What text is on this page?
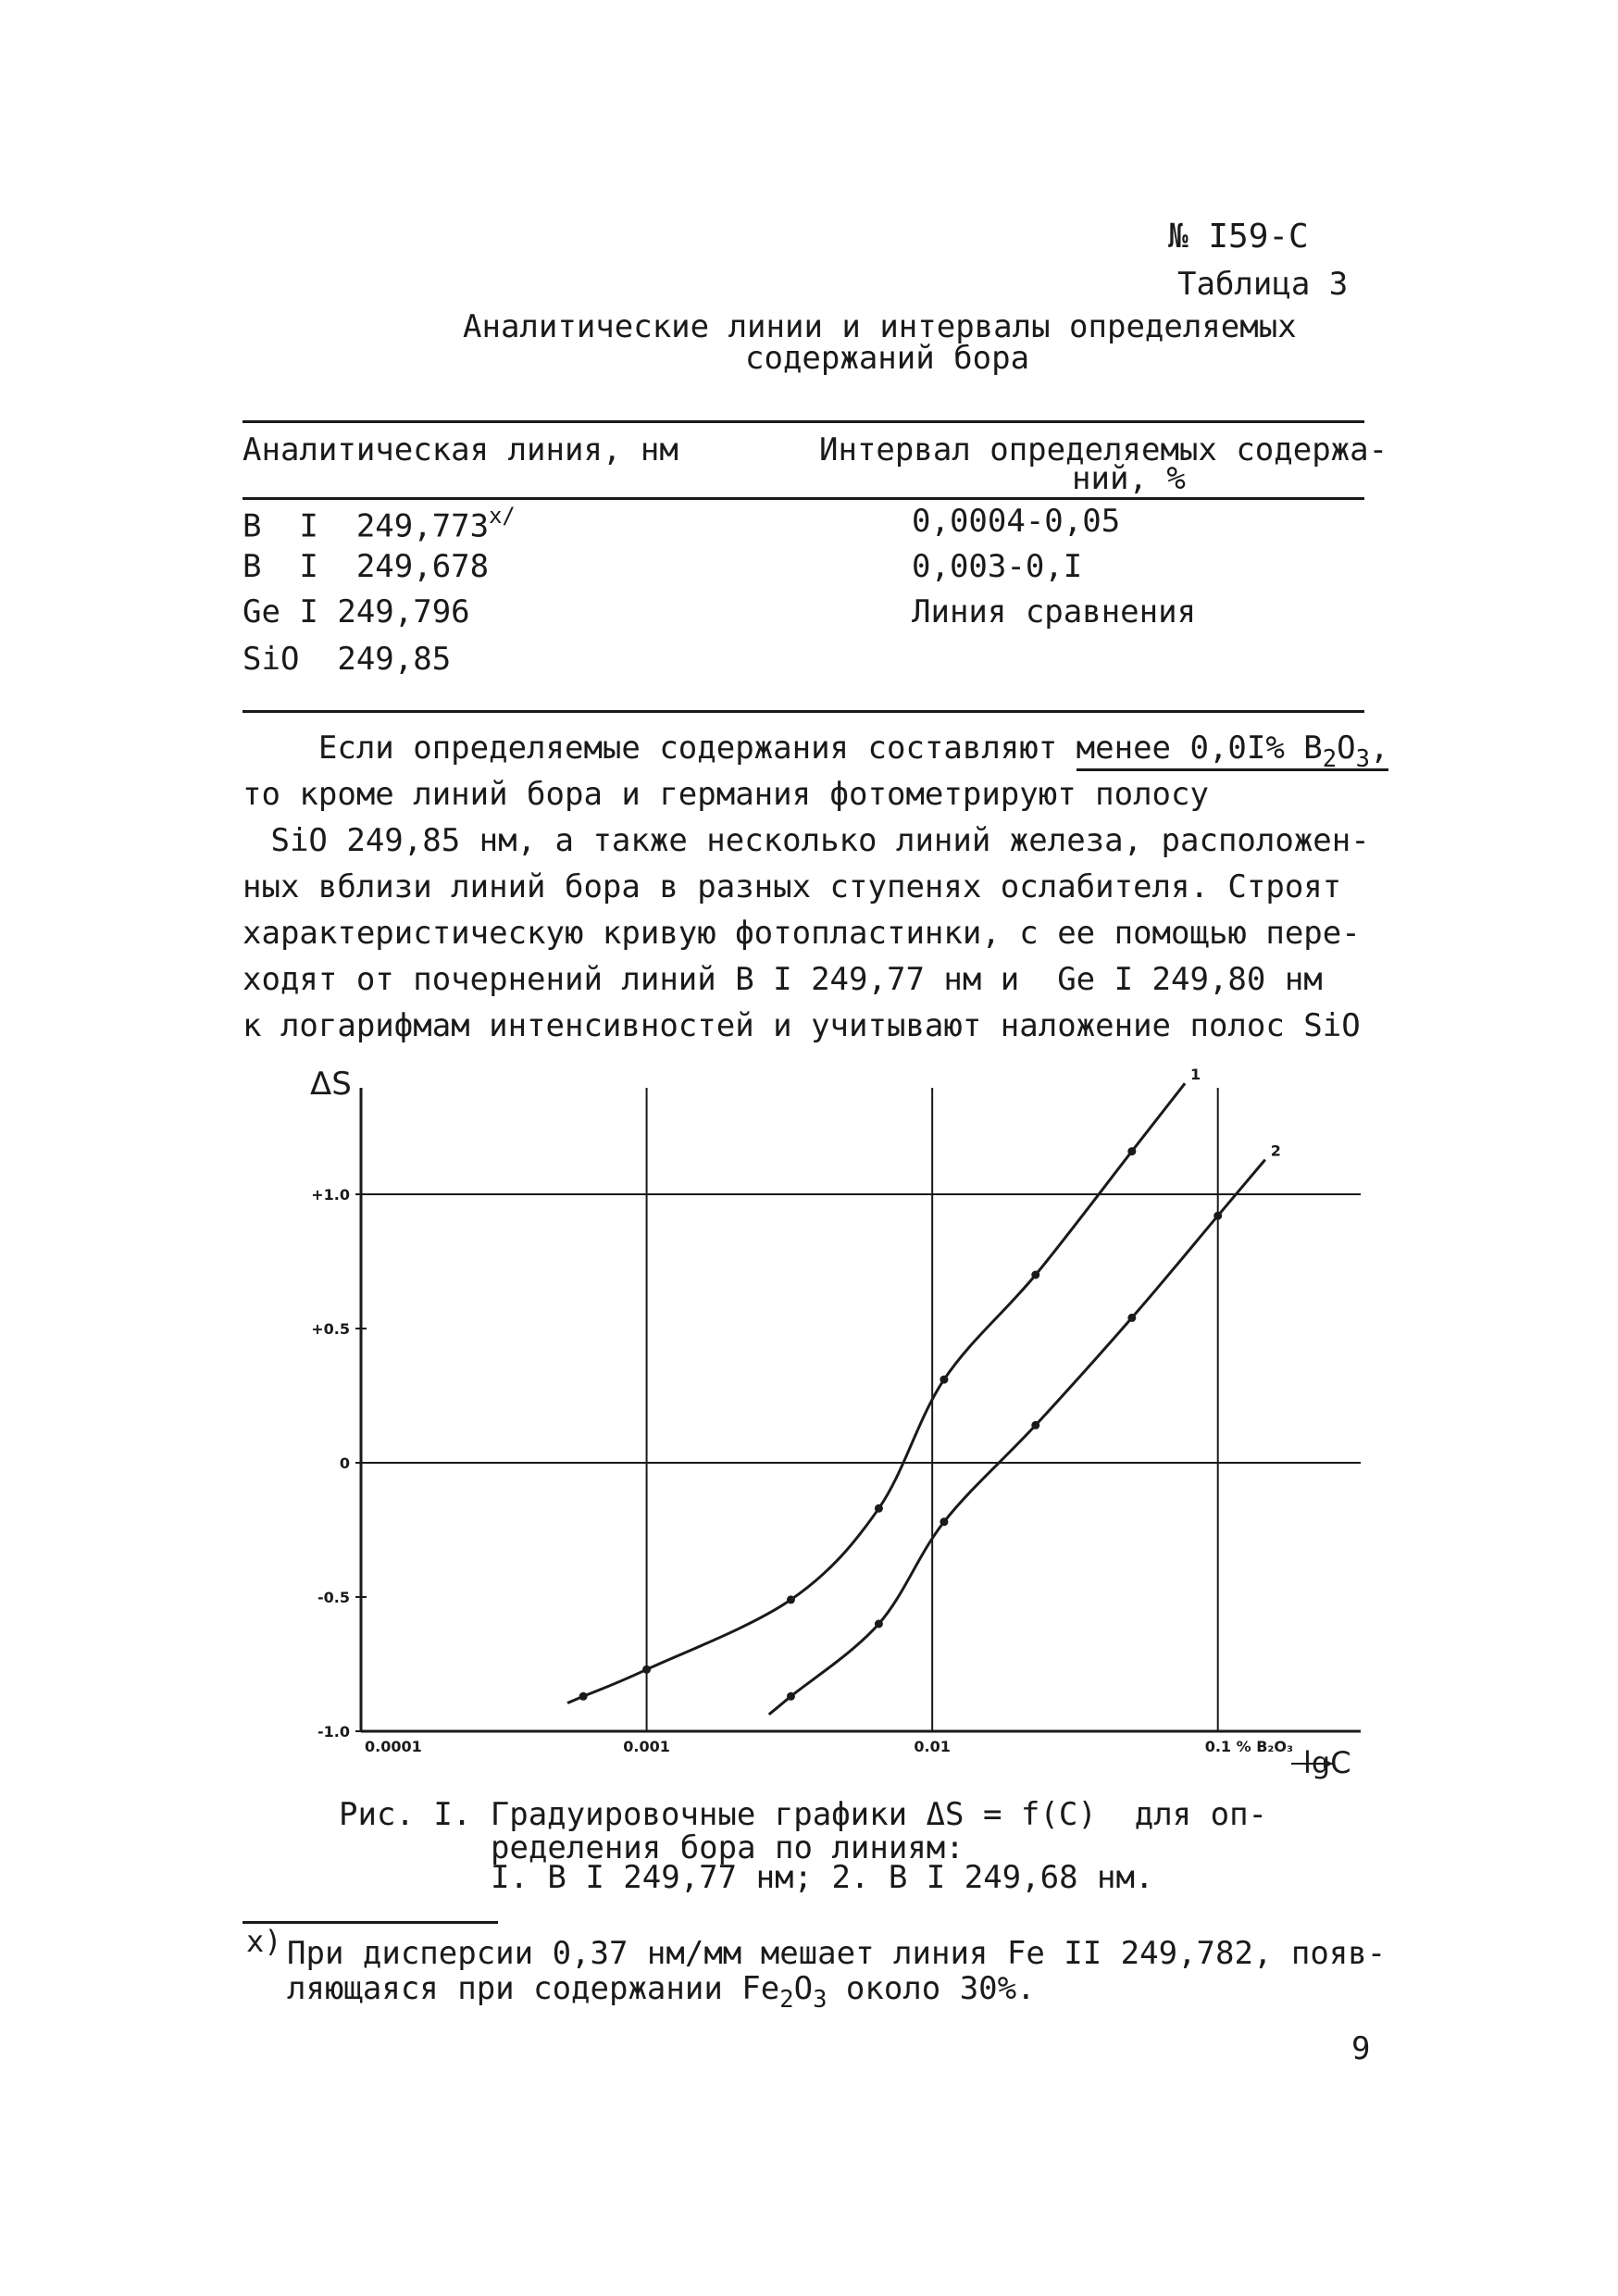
№ I59-С
Таблица 3
Аналитические линии и интервалы определяемых
содержаний бора
Аналитическая линия, нм	Интервал определяемых содержа-
ний, %
B  I  $249,773^{x/}$	0,0004-0,05
B  I  249,678	0,003-0,I
Ge I 249,796	Линия сравнения
SiO  249,85
Если определяемые содержания составляют менее 0,0I% $B_2O_3$,
то кроме линий бора и германия фотометрируют полосу
SiO 249,85 нм, а также несколько линий железа, расположен-
ных вблизи линий бора в разных ступенях ослабителя. Строят
характеристическую кривую фотопластинки, с ее помощью пере-
ходят от почернений линий B I 249,77 нм и  Ge I 249,80 нм
к логарифмам интенсивностей и учитывают наложение полос SiO
+1.0
+0.5
0
-0.5
-1.0
0.0001	0.001	0.01	0.1 % B₂O₃
1
2
ΔS
lgC
Рис. I. Градуировочные графики ΔS = f(C)  для оп-
ределения бора по линиям:
I. B I 249,77 нм; 2. B I 249,68 нм.
x) При дисперсии 0,37 нм/мм мешает линия Fe II 249,782, появ-
ляющаяся при содержании $Fe_2O_3$ около 30%.
9
